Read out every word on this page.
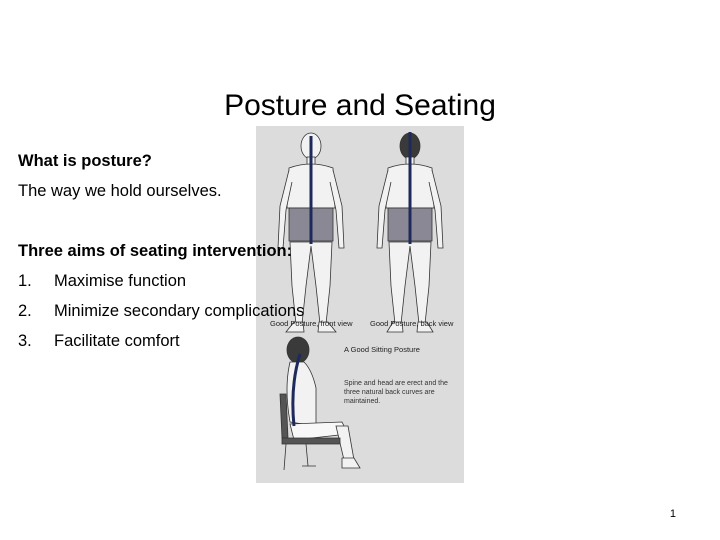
Posture and Seating
Good Posture, front view Good Posture, back view
A Good Sitting Posture
Spine and head are erect and the
three natural back curves are
maintained.
What is posture?
The way we hold ourselves.
Three aims of seating intervention:
1.	Maximise function
2.	Minimize secondary complications
3.	Facilitate comfort
1
